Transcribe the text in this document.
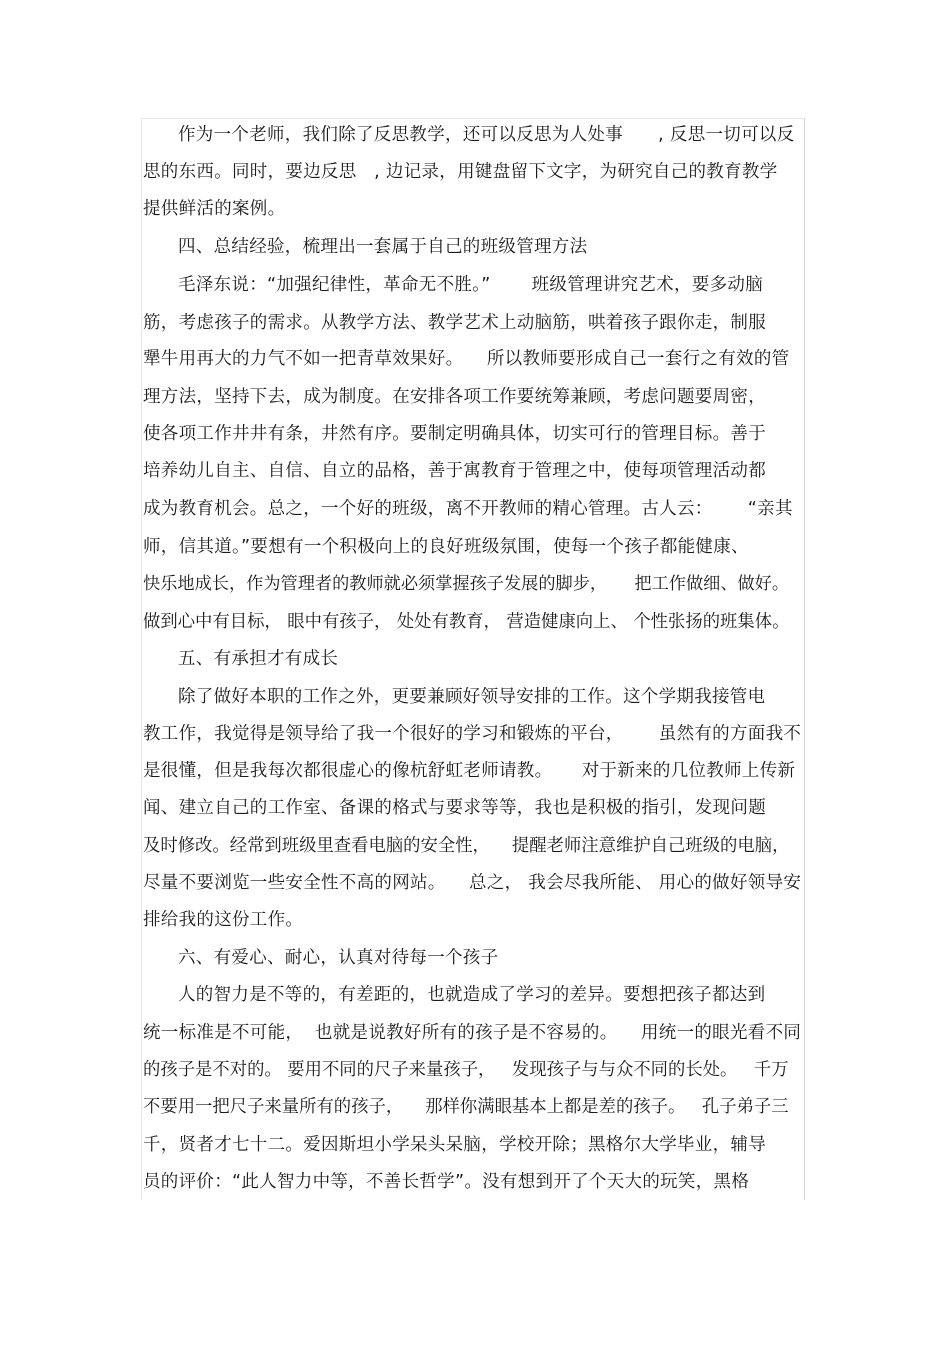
作为一个老师，我们除了反思教学，还可以反思为人处事      , 反思一切可以反
思的东西。同时，要边反思   , 边记录，用键盘留下文字，为研究自己的教育教学
提供鲜活的案例。
四、总结经验，梳理出一套属于自己的班级管理方法
毛泽东说：“加强纪律性，革命无不胜。”       班级管理讲究艺术，要多动脑
筋，考虑孩子的需求。从教学方法、教学艺术上动脑筋，哄着孩子跟你走，制服
犟牛用再大的力气不如一把青草效果好。    所以教师要形成自己一套行之有效的管
理方法，坚持下去，成为制度。在安排各项工作要统筹兼顾，考虑问题要周密，
使各项工作井井有条，井然有序。要制定明确具体，切实可行的管理目标。善于
培养幼儿自主、自信、自立的品格，善于寓教育于管理之中，使每项管理活动都
成为教育机会。总之，一个好的班级，离不开教师的精心管理。古人云：      “亲其
师，信其道。”要想有一个积极向上的良好班级氛围，使每一个孩子都能健康、
快乐地成长，作为管理者的教师就必须掌握孩子发展的脚步，     把工作做细、做好。
做到心中有目标， 眼中有孩子， 处处有教育， 营造健康向上、 个性张扬的班集体。
五、有承担才有成长
除了做好本职的工作之外，更要兼顾好领导安排的工作。这个学期我接管电
教工作，我觉得是领导给了我一个很好的学习和锻炼的平台，      虽然有的方面我不
是很懂，但是我每次都很虚心的像杭舒虹老师请教。     对于新来的几位教师上传新
闻、建立自己的工作室、备课的格式与要求等等，我也是积极的指引，发现问题
及时修改。经常到班级里查看电脑的安全性，    提醒老师注意维护自己班级的电脑，
尽量不要浏览一些安全性不高的网站。    总之， 我会尽我所能、 用心的做好领导安
排给我的这份工作。
六、有爱心、耐心，认真对待每一个孩子
人的智力是不等的，有差距的，也就造成了学习的差异。要想把孩子都达到
统一标准是不可能，  也就是说教好所有的孩子是不容易的。    用统一的眼光看不同
的孩子是不对的。 要用不同的尺子来量孩子，   发现孩子与与众不同的长处。   千万
不要用一把尺子来量所有的孩子，    那样你满眼基本上都是差的孩子。   孔子弟子三
千，贤者才七十二。爱因斯坦小学呆头呆脑，学校开除；黑格尔大学毕业，辅导
员的评价：“此人智力中等，不善长哲学”。没有想到开了个天大的玩笑，黑格
